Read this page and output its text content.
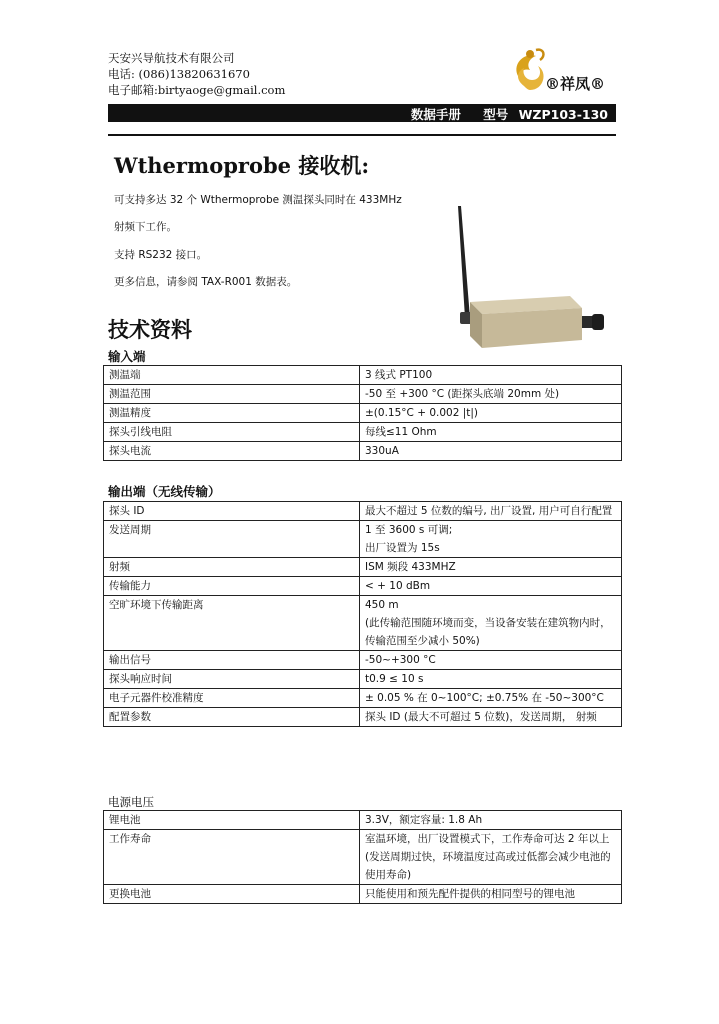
天安兴导航技术有限公司
电话: (086)13820631670
电子邮箱:birtyaoge@gmail.com	®祥凤®
数据手册 型号 WZP103-130
Wthermoprobe 接收机:
可支持多达 32 个 Wthermoprobe 测温探头同时在 433MHz
射频下工作。
支持 RS232 接口。
更多信息，请参阅 TAX-R001 数据表。
技术资料
输入端
测温端	3 线式 PT100
测温范围	-50 至 +300 °C (距探头底端 20mm 处)
测温精度	±(0.15°C + 0.002 |t|)
探头引线电阻	每线≤11 Ohm
探头电流	330uA
输出端（无线传输）
探头 ID	最大不超过 5 位数的编号, 出厂设置, 用户可自行配置
发送周期	1 至 3600 s 可调;
出厂设置为 15s
射频	ISM 频段 433MHZ
传输能力	< + 10 dBm
空旷环境下传输距离	450 m
(此传输范围随环境而变，当设备安装在建筑物内时，传输范围至少减小 50%)
输出信号	-50~+300 °C
探头响应时间	t0.9 ≤ 10 s
电子元器件校准精度	± 0.05 % 在 0~100°C; ±0.75% 在 -50~300°C
配置参数	探头 ID (最大不可超过 5 位数)，发送周期， 射频
电源电压
锂电池	3.3V，额定容量: 1.8 Ah
工作寿命	室温环境，出厂设置模式下，工作寿命可达 2 年以上 (发送周期过快，环境温度过高或过低都会减少电池的使用寿命)
更换电池	只能使用和预先配件提供的相同型号的锂电池
